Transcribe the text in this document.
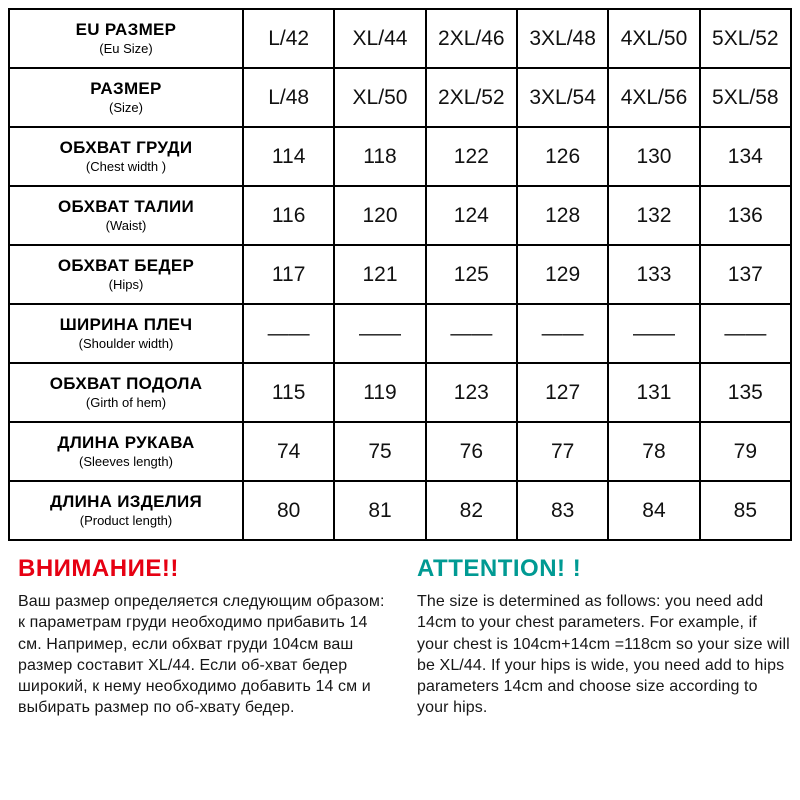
EU РАЗМЕР
(Eu Size)	L/42	XL/44	2XL/46	3XL/48	4XL/50	5XL/52

РАЗМЕР
(Size)	L/48	XL/50	2XL/52	3XL/54	4XL/56	5XL/58

ОБХВАТ ГРУДИ
(Chest width )	114	118	122	126	130	134

ОБХВАТ ТАЛИИ
(Waist)	116	120	124	128	132	136

ОБХВАТ БЕДЕР
(Hips)	117	121	125	129	133	137

ШИРИНА ПЛЕЧ
(Shoulder width)	——	——	——	——	——	——

ОБХВАТ ПОДОЛА
(Girth of hem)	115	119	123	127	131	135

ДЛИНА РУКАВА
(Sleeves length)	74	75	76	77	78	79

ДЛИНА ИЗДЕЛИЯ
(Product length)	80	81	82	83	84	85
ВНИМАНИЕ!!
Ваш размер определяется следующим образом: к параметрам груди необходимо прибавить 14 см. Например, если обхват груди 104см ваш размер составит XL/44. Если об-хват бедер широкий, к нему необходимо добавить 14 см и выбирать размер по об-хвату бедер.
ATTENTION! !
The size is determined as follows: you need add 14cm to your chest parameters. For example, if your chest is 104cm+14cm =118cm so your size will be XL/44. If your hips is wide, you need add to hips parameters 14cm and choose size according to your hips.
